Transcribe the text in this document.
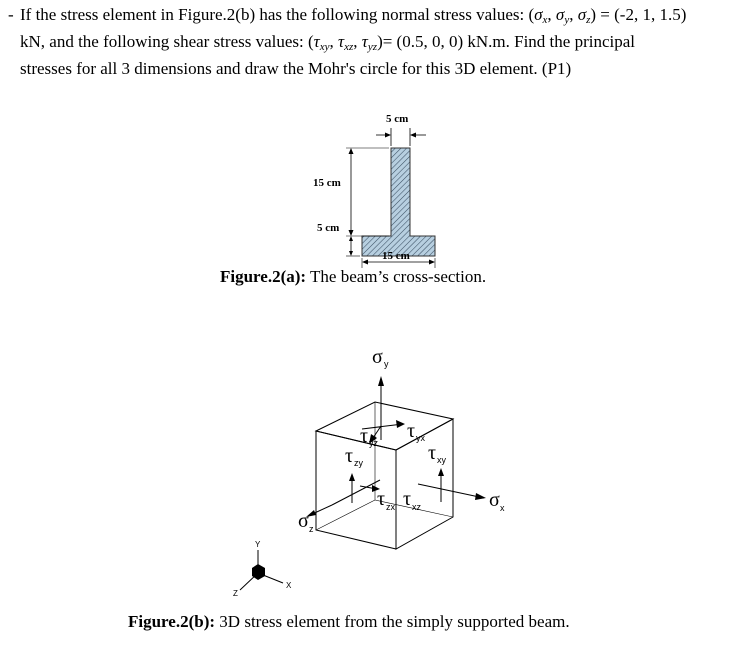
- If the stress element in Figure.2(b) has the following normal stress values: ($\sigma_x$, $\sigma_y$, $\sigma_z) = (-2$, 1, 1.5)
kN, and the following shear stress values: ($\tau_{xy}$, $\tau_{xz}$, $\tau_{yz})= (0.5$, 0, 0) kN.m. Find the principal
stresses for all 3 dimensions and draw the Mohr's circle for this 3D element. (P1)
5 cm
15 cm
5 cm
15 cm
Figure.2(a): The beam’s cross-section.
σ y
σ x
σ z
τ yz
τ yx
τ zy	τ xy
τ zx τ xz
Y
X
Z
Figure.2(b): 3D stress element from the simply supported beam.
